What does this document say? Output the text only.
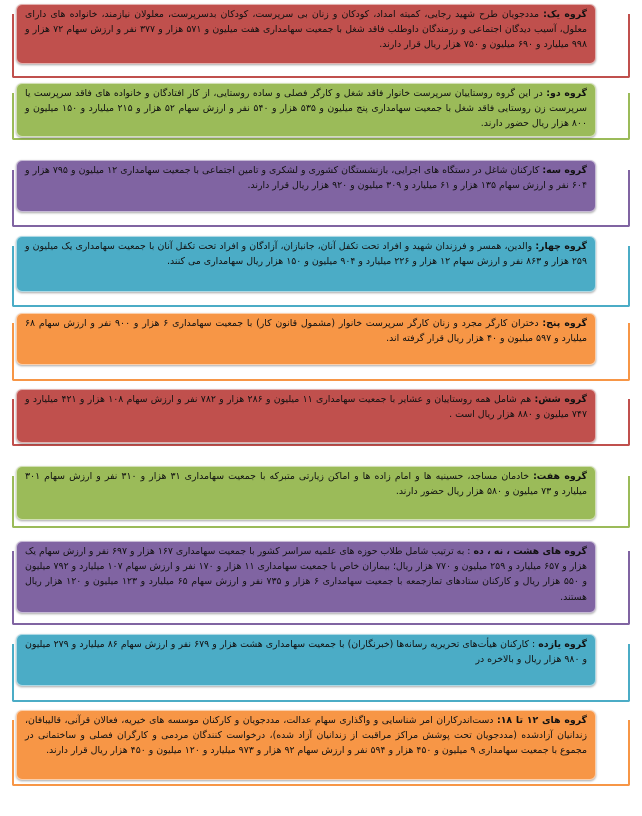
گروه یک: مددجویان طرح شهید رجایی، کمیته امداد، کودکان و زنان بی سرپرست، کودکان بدسرپرست، معلولان نیازمند، خانواده های دارای معلول، آسیب دیدگان اجتماعی و رزمندگان داوطلب فاقد شغل با جمعیت سهامداری هفت میلیون و ۵۷۱ هزار و ۳۷۷ نفر و ارزش سهام ۷۲ هزار و ۹۹۸ میلیارد و ۶۹۰ میلیون و ۷۵۰ هزار ریال قرار دارند.
گروه دو: در این گروه روستاییان سرپرست خانوار فاقد شغل و کارگر فصلی و ساده روستایی، از کار افتادگان و خانواده های فاقد سرپرست یا سرپرست زن روستایی فاقد شغل با جمعیت سهامداری پنج میلیون و ۵۳۵ هزار و ۵۴۰ نفر و ارزش سهام ۵۲ هزار و ۲۱۵ میلیارد و ۱۵۰ میلیون و ۸۰۰ هزار ریال حضور دارند.
گروه سه: کارکنان شاغل در دستگاه های اجرایی، بازنشستگان کشوری و لشکری و تامین اجتماعی با جمعیت سهامداری ۱۲ میلیون و ۷۹۵ هزار و ۶۰۴ نفر و ارزش سهام ۱۳۵ هزار و ۶۱ میلیارد و ۳۰۹ میلیون و ۹۲۰ هزار ریال قرار دارند.
گروه چهار: والدین، همسر و فرزندان شهید و افراد تحت تکفل آنان، جانبازان، آزادگان و افراد تحت تکفل آنان با جمعیت سهامداری یک میلیون و ۲۵۹ هزار و ۸۶۳ نفر و ارزش سهام ۱۲ هزار و ۲۲۶ میلیارد و ۹۰۴ میلیون و ۱۵۰ هزار ریال سهامداری می کنند.
گروه پنج: دختران کارگر مجرد و زنان کارگر سرپرست خانوار (مشمول قانون کار) با جمعیت سهامداری ۶ هزار و ۹۰۰ نفر و ارزش سهام ۶۸ میلیارد و ۵۹۷ میلیون و ۴۰ هزار ریال قرار گرفته اند.
گروه شش: هم شامل همه روستاییان و عشایر با جمعیت سهامداری ۱۱ میلیون و ۲۸۶ هزار و ۷۸۲ نفر و ارزش سهام ۱۰۸ هزار و ۴۲۱ میلیارد و ۷۴۷ میلیون و ۸۸۰ هزار ریال است .
گروه هفت: خادمان مساجد، حسینیه ها و امام زاده ها و اماکن زیارتی متبرکه با جمعیت سهامداری ۳۱ هزار و ۳۱۰ نفر و ارزش سهام ۳۰۱ میلیارد و ۷۳ میلیون و ۵۸۰ هزار ریال حضور دارند.
گروه های هشت ، نه ، ده : به ترتیب شامل طلاب حوزه های علمیه سراسر کشور با جمعیت سهامداری ۱۶۷ هزار و ۶۹۷ نفر و ارزش سهام یک هزار و ۶۵۷ میلیارد و ۲۵۹ میلیون و ۷۷۰ هزار ریال؛ بیماران خاص با جمعیت سهامداری ۱۱ هزار و ۱۷۰ نفر و ارزش سهام ۱۰۷ میلیارد و ۷۹۲ میلیون و ۵۵۰ هزار ریال و کارکنان ستادهای تمازجمعه با جمعیت سهامداری ۶ هزار و ۷۳۵ نفر و ارزش سهام ۶۵ میلیارد و ۱۲۳ میلیون و ۱۲۰ هزار ریال هستند.
گروه یازده : کارکنان هیأت‌های تحریریه رسانه‌ها (خبرنگاران) با جمعیت سهامداری هشت هزار و ۶۷۹ نفر و ارزش سهام ۸۶ میلیارد و ۲۷۹ میلیون و ۹۸۰ هزار ریال و بالاخره در
گروه های ۱۲ تا ۱۸: دست‌اندرکاران امر شناسایی و واگذاری سهام عدالت، مددجویان و کارکنان موسسه های خیریه، فعالان قرآنی، قالیبافان، زندانیان آزادشده (مددجویان تحت پوشش مراکز مراقبت از زندانیان آزاد شده)، درخواست کنندگان مردمی و کارگران فصلی و ساختمانی در مجموع با جمعیت سهامداری ۹ میلیون و ۴۵۰ هزار و ۵۹۴ نفر و ارزش سهام ۹۲ هزار و ۹۷۳ میلیارد و ۱۲۰ میلیون و ۴۵۰ هزار ریال قرار دارند.
